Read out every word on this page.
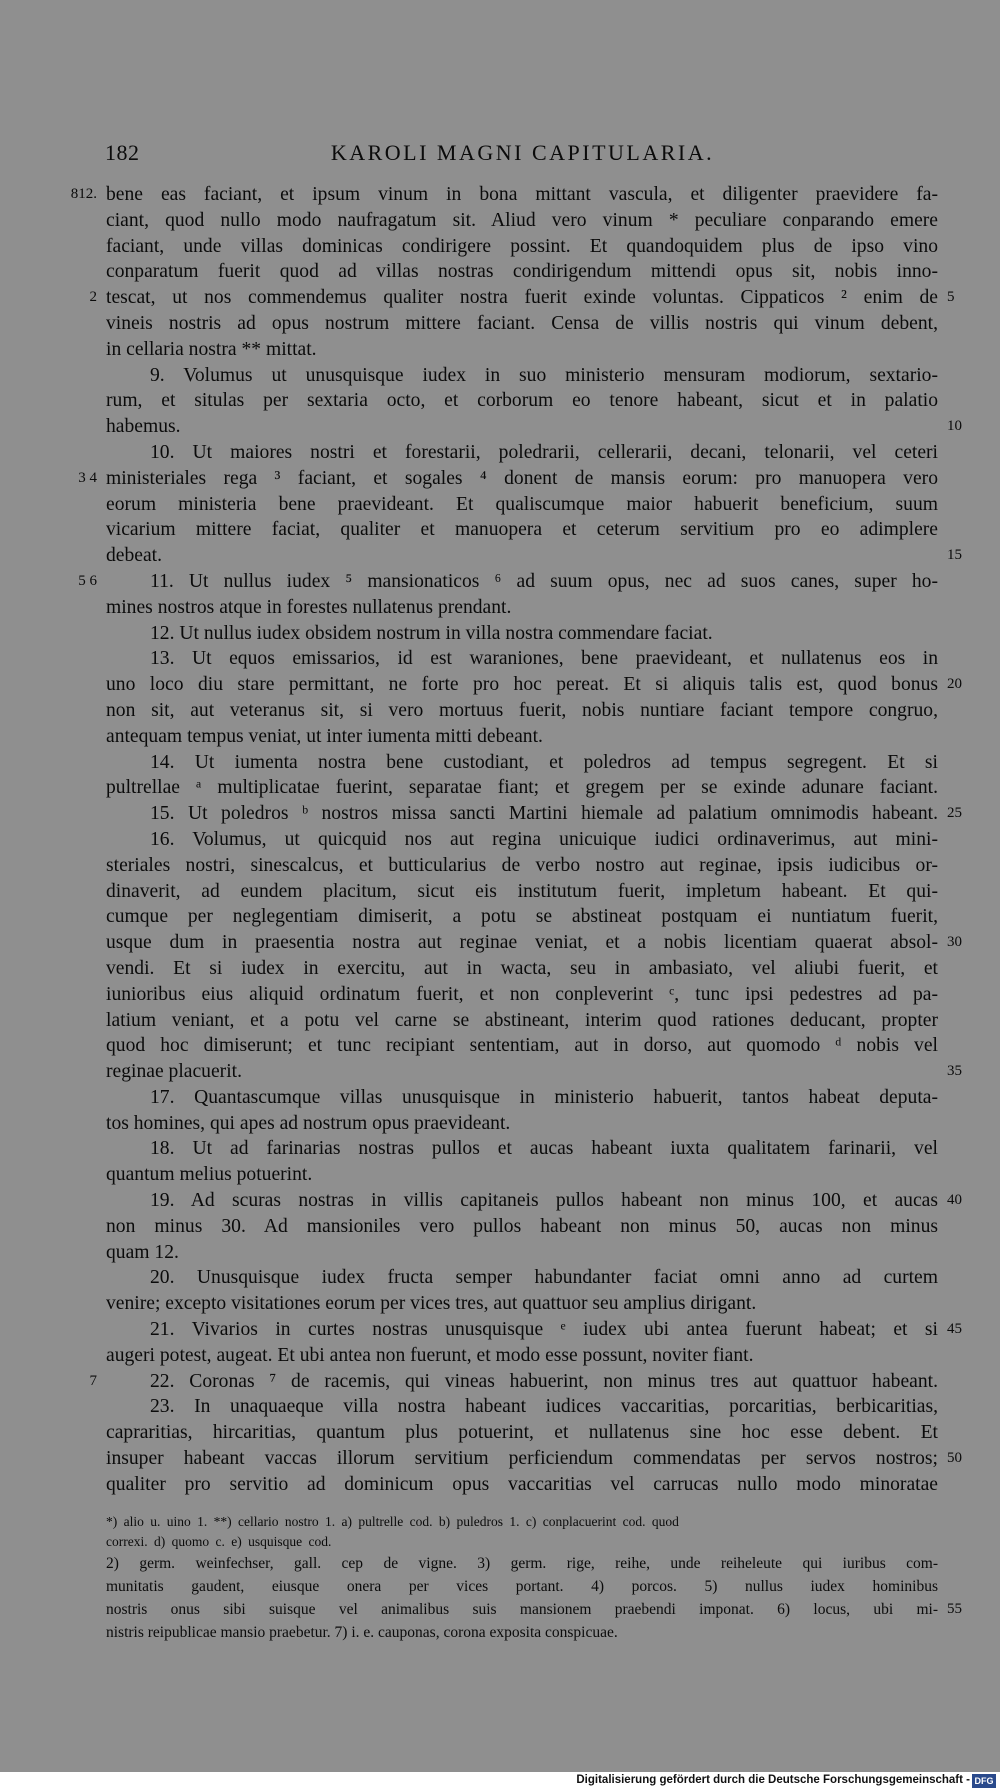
182	KAROLI MAGNI CAPITULARIA.
812. bene eas faciant, et ipsum vinum in bona mittant vascula, et diligenter praevidere fa-
ciant, quod nullo modo naufragatum sit. Aliud vero vinum * peculiare conparando emere
faciant, unde villas dominicas condirigere possint. Et quandoquidem plus de ipso vino
conparatum fuerit quod ad villas nostras condirigendum mittendi opus sit, nobis inno-
2 tescat, ut nos commendemus qualiter nostra fuerit exinde voluntas. Cippaticos ² enim de 5
vineis nostris ad opus nostrum mittere faciant. Censa de villis nostris qui vinum debent,
in cellaria nostra ** mittat.
9. Volumus ut unusquisque iudex in suo ministerio mensuram modiorum, sextario-
rum, et situlas per sextaria octo, et corborum eo tenore habeant, sicut et in palatio
habemus.	10
10. Ut maiores nostri et forestarii, poledrarii, cellerarii, decani, telonarii, vel ceteri
3 4 ministeriales rega ³ faciant, et sogales ⁴ donent de mansis eorum: pro manuopera vero
eorum ministeria bene praevideant. Et qualiscumque maior habuerit beneficium, suum
vicarium mittere faciat, qualiter et manuopera et ceterum servitium pro eo adimplere
debeat.	15
5 6	11. Ut nullus iudex ⁵ mansionaticos ⁶ ad suum opus, nec ad suos canes, super ho-
mines nostros atque in forestes nullatenus prendant.
12. Ut nullus iudex obsidem nostrum in villa nostra commendare faciat.
13. Ut equos emissarios, id est waraniones, bene praevideant, et nullatenus eos in
uno loco diu stare permittant, ne forte pro hoc pereat. Et si aliquis talis est, quod bonus 20
non sit, aut veteranus sit, si vero mortuus fuerit, nobis nuntiare faciant tempore congruo,
antequam tempus veniat, ut inter iumenta mitti debeant.
14. Ut iumenta nostra bene custodiant, et poledros ad tempus segregent. Et si
pultrellae ᵃ multiplicatae fuerint, separatae fiant; et gregem per se exinde adunare faciant.
15. Ut poledros ᵇ nostros missa sancti Martini hiemale ad palatium omnimodis habeant. 25
16. Volumus, ut quicquid nos aut regina unicuique iudici ordinaverimus, aut mini-
steriales nostri, sinescalcus, et butticularius de verbo nostro aut reginae, ipsis iudicibus or-
dinaverit, ad eundem placitum, sicut eis institutum fuerit, impletum habeant. Et qui-
cumque per neglegentiam dimiserit, a potu se abstineat postquam ei nuntiatum fuerit,
usque dum in praesentia nostra aut reginae veniat, et a nobis licentiam quaerat absol- 30
vendi. Et si iudex in exercitu, aut in wacta, seu in ambasiato, vel aliubi fuerit, et
iunioribus eius aliquid ordinatum fuerit, et non conpleverint ᶜ, tunc ipsi pedestres ad pa-
latium veniant, et a potu vel carne se abstineant, interim quod rationes deducant, propter
quod hoc dimiserunt; et tunc recipiant sententiam, aut in dorso, aut quomodo ᵈ nobis vel
reginae placuerit.	35
17. Quantascumque villas unusquisque in ministerio habuerit, tantos habeat deputa-
tos homines, qui apes ad nostrum opus praevideant.
18. Ut ad farinarias nostras pullos et aucas habeant iuxta qualitatem farinarii, vel
quantum melius potuerint.
19. Ad scuras nostras in villis capitaneis pullos habeant non minus 100, et aucas 40
non minus 30. Ad mansioniles vero pullos habeant non minus 50, aucas non minus
quam 12.
20. Unusquisque iudex fructa semper habundanter faciat omni anno ad curtem
venire; excepto visitationes eorum per vices tres, aut quattuor seu amplius dirigant.
21. Vivarios in curtes nostras unusquisque ᵉ iudex ubi antea fuerunt habeat; et si 45
augeri potest, augeat. Et ubi antea non fuerunt, et modo esse possunt, noviter fiant.
7	22. Coronas ⁷ de racemis, qui vineas habuerint, non minus tres aut quattuor habeant.
23. In unaquaeque villa nostra habeant iudices vaccaritias, porcaritias, berbicaritias,
capraritias, hircaritias, quantum plus potuerint, et nullatenus sine hoc esse debent. Et
insuper habeant vaccas illorum servitium perficiendum commendatas per servos nostros; 50
qualiter pro servitio ad dominicum opus vaccaritias vel carrucas nullo modo minoratae
*) alio u. uino 1. **) cellario nostro 1. a) pultrelle cod. b) puledros 1. c) conplacuerint cod. quod
correxi. d) quomo c. e) usquisque cod.
2) germ. weinfechser, gall. cep de vigne. 3) germ. rige, reihe, unde reiheleute qui iuribus com-
munitatis gaudent, eiusque onera per vices portant. 4) porcos. 5) nullus iudex hominibus
nostris onus sibi suisque vel animalibus suis mansionem praebendi imponat. 6) locus, ubi mi- 55
nistris reipublicae mansio praebetur. 7) i. e. cauponas, corona exposita conspicuae.
Digitalisierung gefördert durch die Deutsche Forschungsgemeinschaft - DFG
